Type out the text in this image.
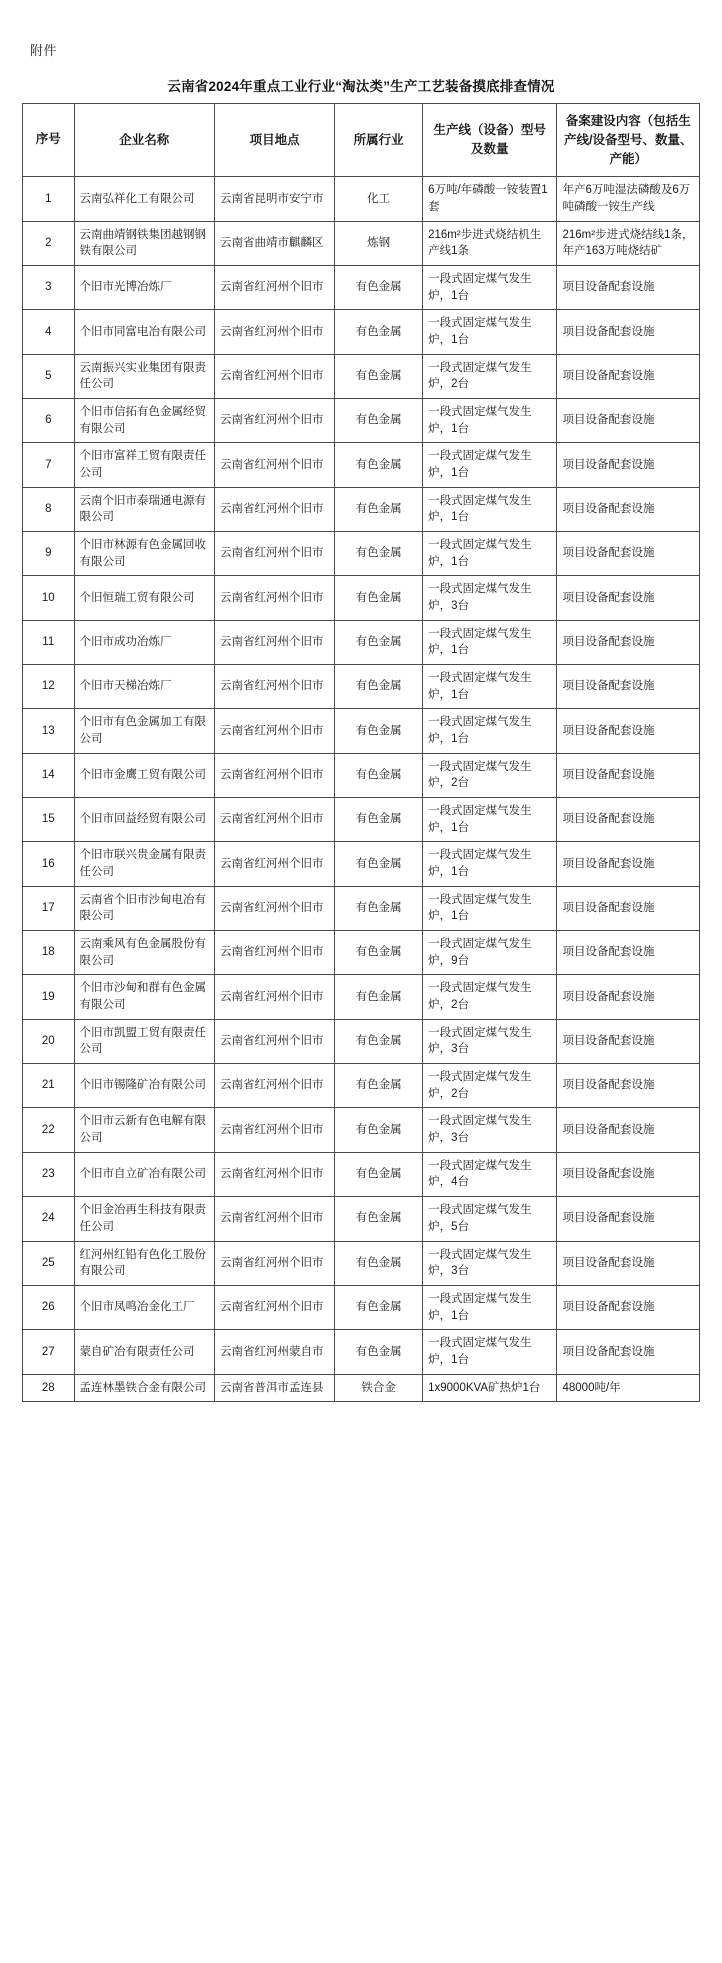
附件
云南省2024年重点工业行业“淘汰类”生产工艺装备摸底排查情况
序号	企业名称	项目地点	所属行业	生产线（设备）型号及数量	备案建设内容（包括生产线/设备型号、数量、产能）
1	云南弘祥化工有限公司	云南省昆明市安宁市	化工	6万吨/年磷酸一铵装置1套	年产6万吨湿法磷酸及6万吨磷酸一铵生产线
2	云南曲靖钢铁集团越钢钢铁有限公司	云南省曲靖市麒麟区	炼钢	216m²步进式烧结机生产线1条	216m²步进式烧结线1条，年产163万吨烧结矿
3	个旧市光博冶炼厂	云南省红河州个旧市	有色金属	一段式固定煤气发生炉，1台	项目设备配套设施
4	个旧市同富电冶有限公司	云南省红河州个旧市	有色金属	一段式固定煤气发生炉，1台	项目设备配套设施
5	云南振兴实业集团有限责任公司	云南省红河州个旧市	有色金属	一段式固定煤气发生炉，2台	项目设备配套设施
6	个旧市信拓有色金属经贸有限公司	云南省红河州个旧市	有色金属	一段式固定煤气发生炉，1台	项目设备配套设施
7	个旧市富祥工贸有限责任公司	云南省红河州个旧市	有色金属	一段式固定煤气发生炉，1台	项目设备配套设施
8	云南个旧市泰瑞通电源有限公司	云南省红河州个旧市	有色金属	一段式固定煤气发生炉，1台	项目设备配套设施
9	个旧市林源有色金属回收有限公司	云南省红河州个旧市	有色金属	一段式固定煤气发生炉，1台	项目设备配套设施
10	个旧恒瑞工贸有限公司	云南省红河州个旧市	有色金属	一段式固定煤气发生炉，3台	项目设备配套设施
11	个旧市成功冶炼厂	云南省红河州个旧市	有色金属	一段式固定煤气发生炉，1台	项目设备配套设施
12	个旧市天梯冶炼厂	云南省红河州个旧市	有色金属	一段式固定煤气发生炉，1台	项目设备配套设施
13	个旧市有色金属加工有限公司	云南省红河州个旧市	有色金属	一段式固定煤气发生炉，1台	项目设备配套设施
14	个旧市金鹰工贸有限公司	云南省红河州个旧市	有色金属	一段式固定煤气发生炉，2台	项目设备配套设施
15	个旧市回益经贸有限公司	云南省红河州个旧市	有色金属	一段式固定煤气发生炉，1台	项目设备配套设施
16	个旧市联兴贵金属有限责任公司	云南省红河州个旧市	有色金属	一段式固定煤气发生炉，1台	项目设备配套设施
17	云南省个旧市沙甸电冶有限公司	云南省红河州个旧市	有色金属	一段式固定煤气发生炉，1台	项目设备配套设施
18	云南乘风有色金属股份有限公司	云南省红河州个旧市	有色金属	一段式固定煤气发生炉，9台	项目设备配套设施
19	个旧市沙甸和群有色金属有限公司	云南省红河州个旧市	有色金属	一段式固定煤气发生炉，2台	项目设备配套设施
20	个旧市凯盟工贸有限责任公司	云南省红河州个旧市	有色金属	一段式固定煤气发生炉，3台	项目设备配套设施
21	个旧市锡隆矿冶有限公司	云南省红河州个旧市	有色金属	一段式固定煤气发生炉，2台	项目设备配套设施
22	个旧市云新有色电解有限公司	云南省红河州个旧市	有色金属	一段式固定煤气发生炉，3台	项目设备配套设施
23	个旧市自立矿冶有限公司	云南省红河州个旧市	有色金属	一段式固定煤气发生炉，4台	项目设备配套设施
24	个旧金冶再生科技有限责任公司	云南省红河州个旧市	有色金属	一段式固定煤气发生炉，5台	项目设备配套设施
25	红河州红铅有色化工股份有限公司	云南省红河州个旧市	有色金属	一段式固定煤气发生炉，3台	项目设备配套设施
26	个旧市凤鸣冶金化工厂	云南省红河州个旧市	有色金属	一段式固定煤气发生炉，1台	项目设备配套设施
27	蒙自矿冶有限责任公司	云南省红河州蒙自市	有色金属	一段式固定煤气发生炉，1台	项目设备配套设施
28	孟连林墨铁合金有限公司	云南省普洱市孟连县	铁合金	1x9000KVA矿热炉1台	48000吨/年
